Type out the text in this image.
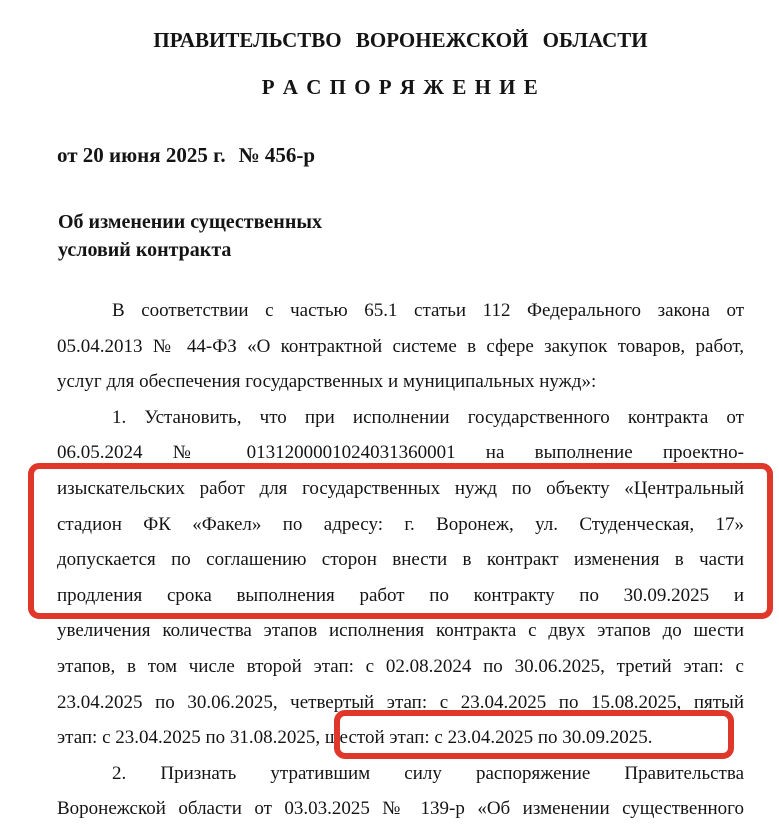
ПРАВИТЕЛЬСТВО ВОРОНЕЖСКОЙ ОБЛАСТИ
Р А С П О Р Я Ж Е Н И Е
от 20 июня 2025 г. № 456-р
Об изменении существенных
условий контракта
В соответствии с частью 65.1 статьи 112 Федерального закона от
05.04.2013 № 44-ФЗ «О контрактной системе в сфере закупок товаров, работ,
услуг для обеспечения государственных и муниципальных нужд»:
1. Установить, что при исполнении государственного контракта от
06.05.2024 № 0131200001024031360001 на выполнение проектно-
изыскательских работ для государственных нужд по объекту «Центральный
стадион ФК «Факел» по адресу: г. Воронеж, ул. Студенческая, 17»
допускается по соглашению сторон внести в контракт изменения в части
продления срока выполнения работ по контракту по 30.09.2025 и
увеличения количества этапов исполнения контракта с двух этапов до шести
этапов, в том числе второй этап: с 02.08.2024 по 30.06.2025, третий этап: с
23.04.2025 по 30.06.2025, четвертый этап: с 23.04.2025 по 15.08.2025, пятый
этап: с 23.04.2025 по 31.08.2025, шестой этап: с 23.04.2025 по 30.09.2025.
2. Признать утратившим силу распоряжение Правительства
Воронежской области от 03.03.2025 № 139-р «Об изменении существенного
